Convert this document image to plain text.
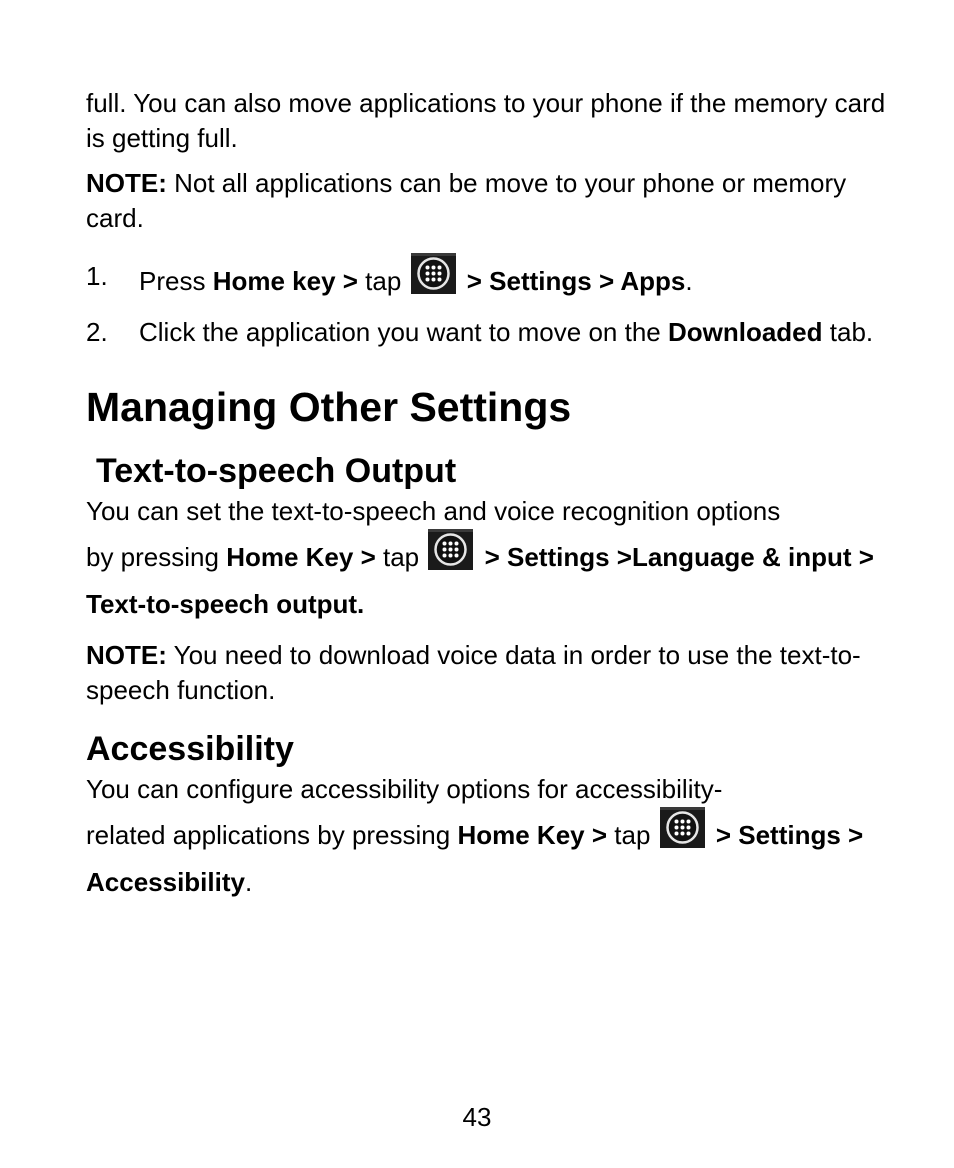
full. You can also move applications to your phone if the memory card is getting full.

NOTE: Not all applications can be move to your phone or memory card.

1.	Press Home key > tap
> Settings > Apps.
2.	Click the application you want to move on the Downloaded tab.
Managing Other Settings
Text-to-speech Output

You can set the text-to-speech and voice recognition options
by pressing Home Key > tap
> Settings >Language & input > Text-to-speech output.

NOTE: You need to download voice data in order to use the text-to-speech function.

Accessibility

You can configure accessibility options for accessibility-
related applications by pressing Home Key > tap
> Settings > Accessibility.

43
